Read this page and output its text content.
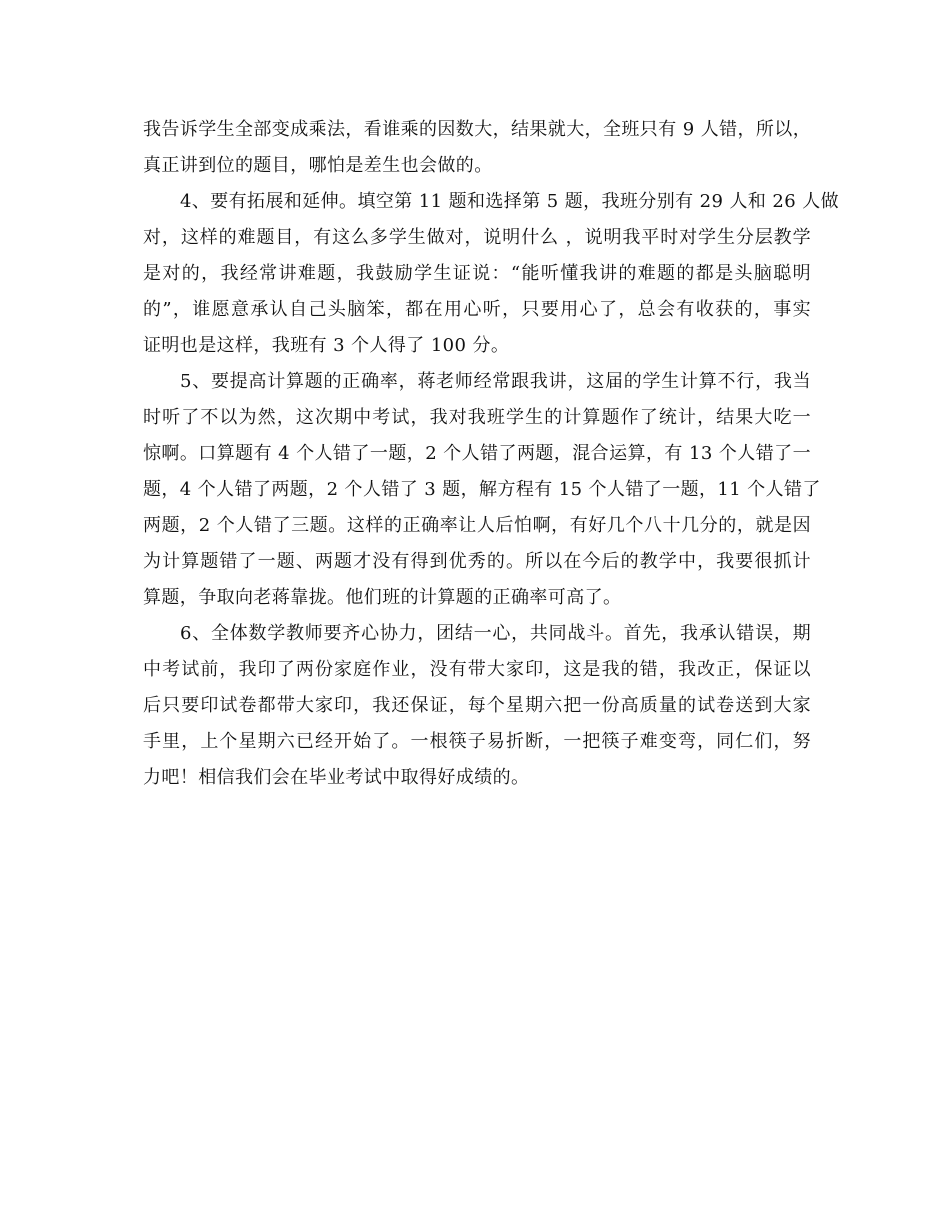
我告诉学生全部变成乘法，看谁乘的因数大，结果就大，全班只有 9 人错，所以，
真正讲到位的题目，哪怕是差生也会做的。
4、要有拓展和延伸。填空第 11 题和选择第 5 题，我班分别有 29 人和 26 人做
对，这样的难题目，有这么多学生做对，说明什么 ，说明我平时对学生分层教学
是对的，我经常讲难题，我鼓励学生证说：“能听懂我讲的难题的都是头脑聪明
的”，谁愿意承认自己头脑笨，都在用心听，只要用心了，总会有收获的，事实
证明也是这样，我班有 3 个人得了 100 分。
5、要提高计算题的正确率，蒋老师经常跟我讲，这届的学生计算不行，我当
时听了不以为然，这次期中考试，我对我班学生的计算题作了统计，结果大吃一
惊啊。口算题有 4 个人错了一题，2 个人错了两题，混合运算，有 13 个人错了一
题，4 个人错了两题，2 个人错了 3 题，解方程有 15 个人错了一题，11 个人错了
两题，2 个人错了三题。这样的正确率让人后怕啊，有好几个八十几分的，就是因
为计算题错了一题、两题才没有得到优秀的。所以在今后的教学中，我要很抓计
算题，争取向老蒋靠拢。他们班的计算题的正确率可高了。
6、全体数学教师要齐心协力，团结一心，共同战斗。首先，我承认错误，期
中考试前，我印了两份家庭作业，没有带大家印，这是我的错，我改正，保证以
后只要印试卷都带大家印，我还保证，每个星期六把一份高质量的试卷送到大家
手里，上个星期六已经开始了。一根筷子易折断，一把筷子难变弯，同仁们，努
力吧！相信我们会在毕业考试中取得好成绩的。
